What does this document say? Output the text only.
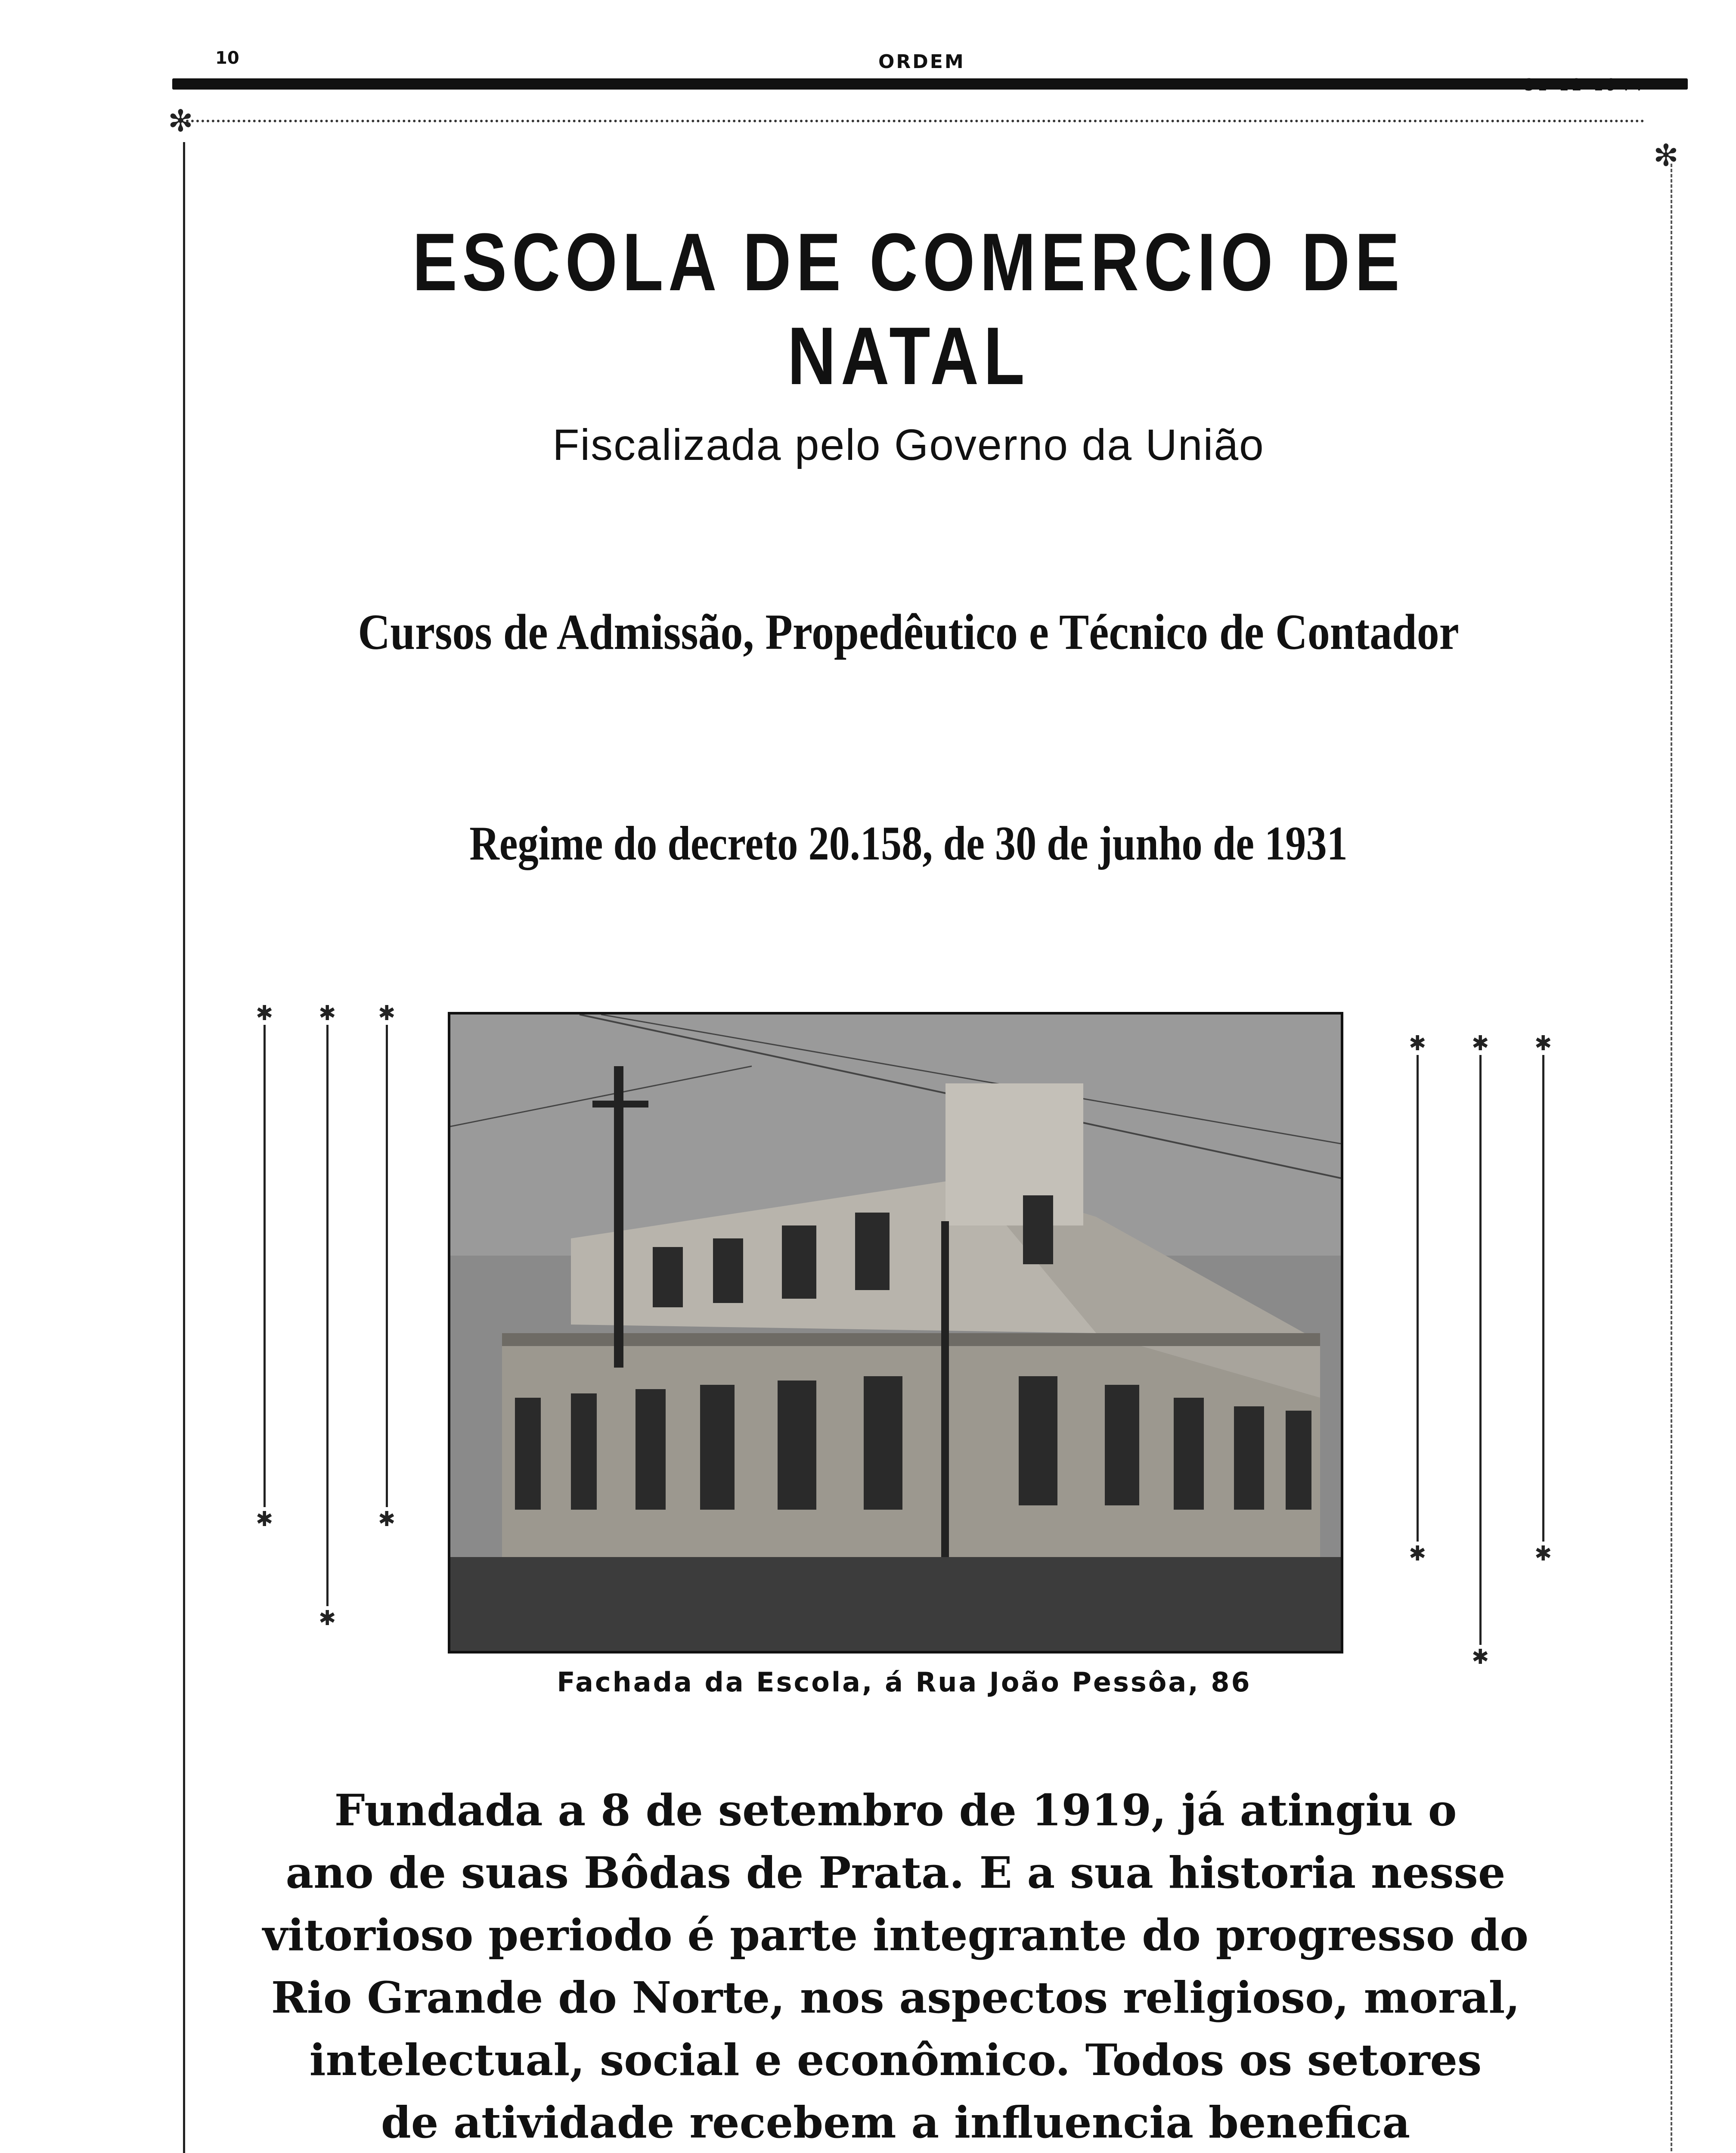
10	ORDEM
✻
✻
ESCOLA DE COMERCIO DE NATAL
Fiscalizada pelo Governo da União
Cursos de Admissão, Propedêutico e Técnico de Contador
Regime do decreto 20.158, de 30 de junho de 1931
✱ ✱ ✱
✱
✱
✱
✱ ✱ ✱
✱
✱
✱
Fachada da Escola, á Rua João Pessôa, 86
Fundada a 8 de setembro de 1919, já atingiu o
ano de suas Bôdas de Prata. E a sua historia nesse
vitorioso periodo é parte integrante do progresso do
Rio Grande do Norte, nos aspectos religioso, moral,
intelectual, social e econômico. Todos os setores
de atividade recebem a influencia benefica
